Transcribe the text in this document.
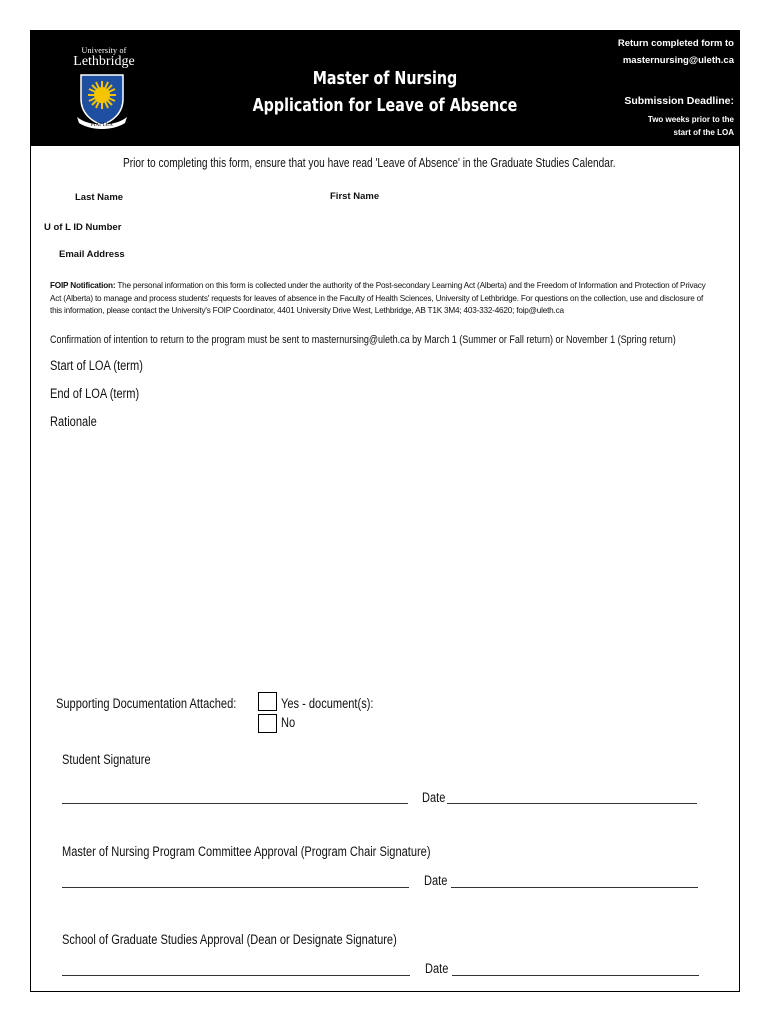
University of
Lethbridge
FIAT LUX
Master of Nursing
Application for Leave of Absence
Return completed form to
masternursing@uleth.ca
Submission Deadline:
Two weeks prior to the
start of the LOA
Prior to completing this form, ensure that you have read 'Leave of Absence' in the Graduate Studies Calendar.
Last Name	First Name
U of L ID Number
Email Address
FOIP Notification: The personal information on this form is collected under the authority of the Post-secondary Learning Act (Alberta) and the Freedom of Information and Protection of Privacy Act (Alberta) to manage and process students' requests for leaves of absence in the Faculty of Health Sciences, University of Lethbridge. For questions on the collection, use and disclosure of this information, please contact the University's FOIP Coordinator, 4401 University Drive West, Lethbridge, AB T1K 3M4; 403-332-4620; foip@uleth.ca
Confirmation of intention to return to the program must be sent to masternursing@uleth.ca by March 1 (Summer or Fall return) or November 1 (Spring return)
Start of LOA (term)
End of LOA (term)
Rationale
Supporting Documentation Attached:	Yes - document(s):
No
Student Signature
Date
Master of Nursing Program Committee Approval (Program Chair Signature)
Date
School of Graduate Studies Approval (Dean or Designate Signature)
Date
